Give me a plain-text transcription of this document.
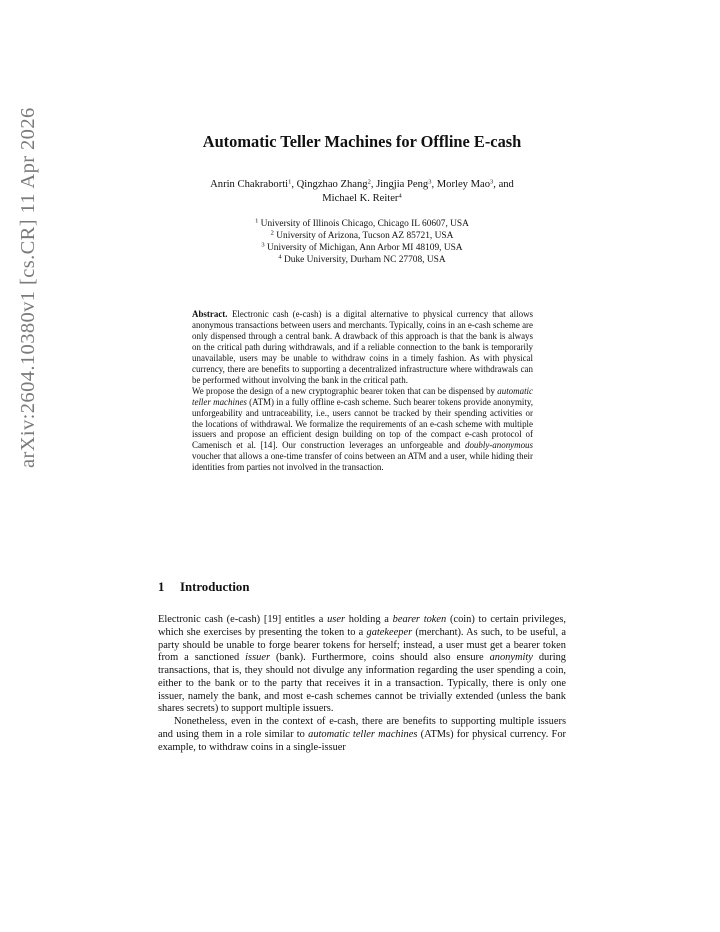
arXiv:2604.10380v1 [cs.CR] 11 Apr 2026	Automatic Teller Machines for Offline E-cash

Anrin Chakraborti$^1$, Qingzhao Zhang$^2$, Jingjia Peng$^3$, Morley Mao$^3$, and
Michael K. Reiter$^4$

$^1$ University of Illinois Chicago, Chicago IL 60607, USA
$^2$ University of Arizona, Tucson AZ 85721, USA
$^3$ University of Michigan, Ann Arbor MI 48109, USA
$^4$ Duke University, Durham NC 27708, USA

Abstract.  Electronic cash (e-cash) is a digital alternative to physical currency that allows anonymous transactions between users and merchants. Typically, coins in an e-cash scheme are only dispensed through a central bank. A drawback of this approach is that the bank is always on the critical path during withdrawals, and if a reliable connection to the bank is temporarily unavailable, users may be unable to withdraw coins in a timely fashion. As with physical currency, there are benefits to supporting a decentralized infrastructure where withdrawals can be performed without involving the bank in the critical path.

We propose the design of a new cryptographic bearer token that can be dispensed by automatic teller machines (ATM) in a fully offline e-cash scheme. Such bearer tokens provide anonymity, unforgeability and untraceability, i.e., users cannot be tracked by their spending activities or the locations of withdrawal. We formalize the requirements of an e-cash scheme with multiple issuers and propose an efficient design building on top of the compact e-cash protocol of Camenisch et al. [14]. Our construction leverages an unforgeable and doubly-anonymous voucher that allows a one-time transfer of coins between an ATM and a user, while hiding their identities from parties not involved in the transaction.

1 Introduction

Electronic cash (e-cash) [19] entitles a user holding a bearer token (coin) to certain privileges, which she exercises by presenting the token to a gatekeeper (merchant). As such, to be useful, a party should be unable to forge bearer tokens for herself; instead, a user must get a bearer token from a sanctioned issuer (bank). Furthermore, coins should also ensure anonymity during transactions, that is, they should not divulge any information regarding the user spending a coin, either to the bank or to the party that receives it in a transaction. Typically, there is only one issuer, namely the bank, and most e-cash schemes cannot be trivially extended (unless the bank shares secrets) to support multiple issuers.

Nonetheless, even in the context of e-cash, there are benefits to supporting multiple issuers and using them in a role similar to automatic teller machines (ATMs) for physical currency. For example, to withdraw coins in a single-issuer
